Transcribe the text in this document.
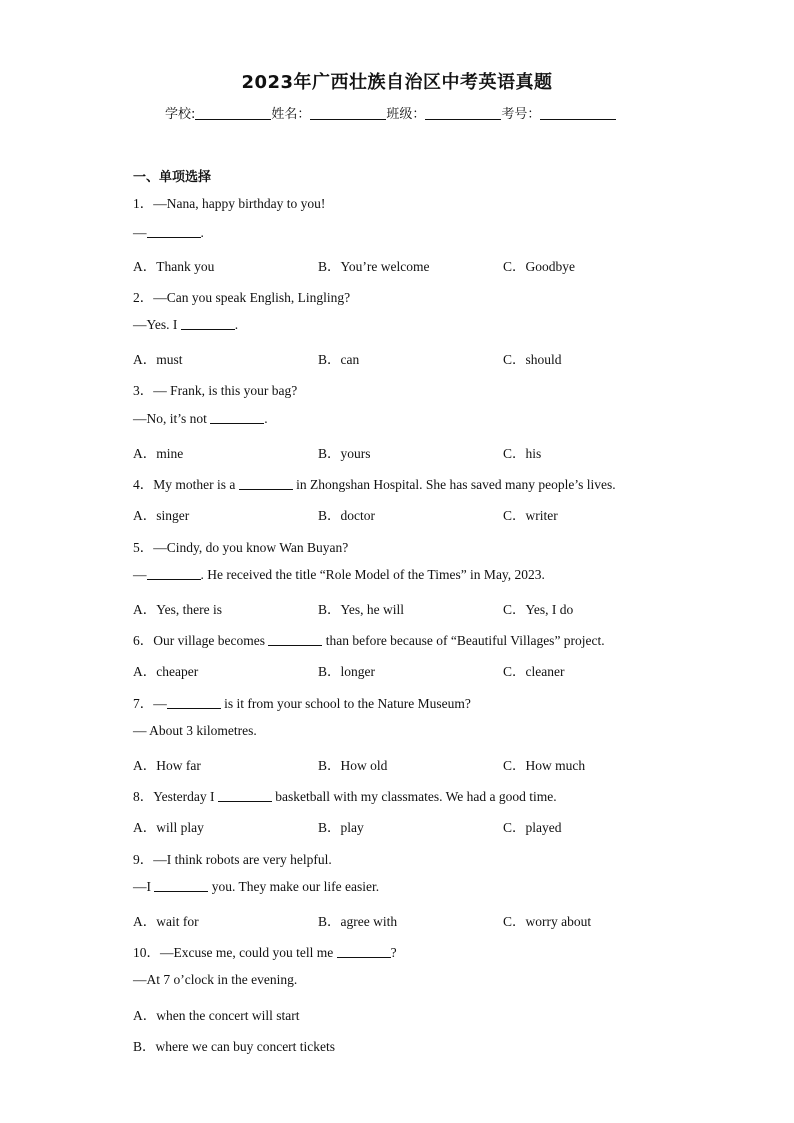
2023年广西壮族自治区中考英语真题
学校:	姓名：	班级：	考号：
一、单项选择
1．—Nana, happy birthday to you!
—	.
A．Thank you	B．You’re welcome	C．Goodbye
2．—Can you speak English, Lingling?
—Yes. I	.
A．must	B．can	C．should
3．— Frank, is this your bag?
—No, it’s not	.
A．mine	B．yours	C．his
4．My mother is a	in Zhongshan Hospital. She has saved many people’s lives.
A．singer	B．doctor	C．writer
5．—Cindy, do you know Wan Buyan?
—	. He received the title “Role Model of the Times” in May, 2023.
A．Yes, there is	B．Yes, he will	C．Yes, I do
6．Our village becomes	than before because of “Beautiful Villages” project.
A．cheaper	B．longer	C．cleaner
7．—	is it from your school to the Nature Museum?
— About 3 kilometres.
A．How far	B．How old	C．How much
8．Yesterday I	basketball with my classmates. We had a good time.
A．will play	B．play	C．played
9．—I think robots are very helpful.
—I	you. They make our life easier.
A．wait for	B．agree with	C．worry about
10．—Excuse me, could you tell me	?
—At 7 o’clock in the evening.
A．when the concert will start
B．where we can buy concert tickets
